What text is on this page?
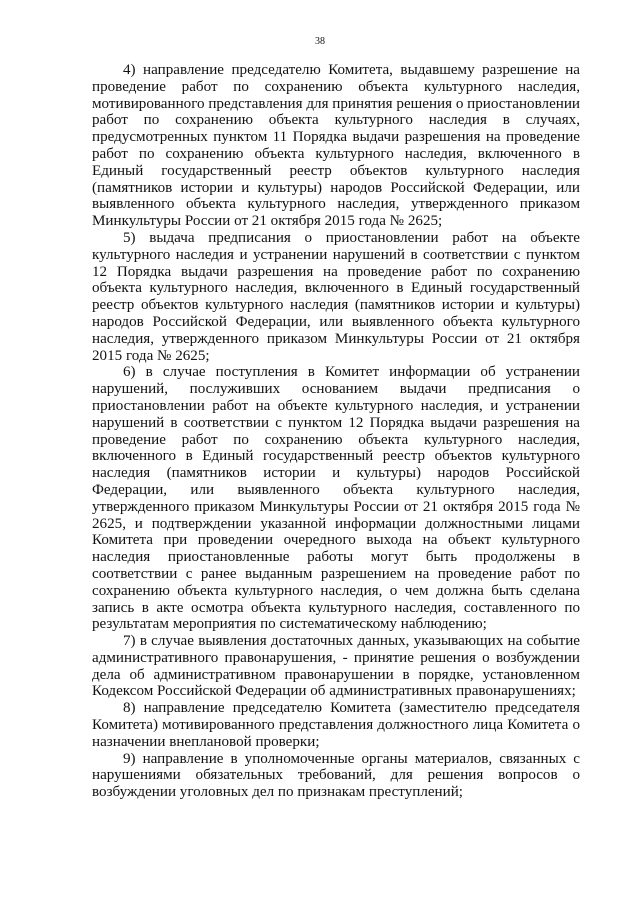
38

4) направление председателю Комитета, выдавшему разрешение на проведение работ по сохранению объекта культурного наследия, мотивированного представления для принятия решения о приостановлении работ по сохранению объекта культурного наследия в случаях, предусмотренных пунктом 11 Порядка выдачи разрешения на проведение работ по сохранению объекта культурного наследия, включенного в Единый государственный реестр объектов культурного наследия (памятников истории и культуры) народов Российской Федерации, или выявленного объекта культурного наследия, утвержденного приказом Минкультуры России от 21 октября 2015 года № 2625;

5) выдача предписания о приостановлении работ на объекте культурного наследия и устранении нарушений в соответствии с пунктом 12 Порядка выдачи разрешения на проведение работ по сохранению объекта культурного наследия, включенного в Единый государственный реестр объектов культурного наследия (памятников истории и культуры) народов Российской Федерации, или выявленного объекта культурного наследия, утвержденного приказом Минкультуры России от 21 октября 2015 года № 2625;

6) в случае поступления в Комитет информации об устранении нарушений, послуживших основанием выдачи предписания о приостановлении работ на объекте культурного наследия, и устранении нарушений в соответствии с пунктом 12 Порядка выдачи разрешения на проведение работ по сохранению объекта культурного наследия, включенного в Единый государственный реестр объектов культурного наследия (памятников истории и культуры) народов Российской Федерации, или выявленного объекта культурного наследия, утвержденного приказом Минкультуры России от 21 октября 2015 года № 2625, и подтверждении указанной информации должностными лицами Комитета при проведении очередного выхода на объект культурного наследия приостановленные работы могут быть продолжены в соответствии с ранее выданным разрешением на проведение работ по сохранению объекта культурного наследия, о чем должна быть сделана запись в акте осмотра объекта культурного наследия, составленного по результатам мероприятия по систематическому наблюдению;

7) в случае выявления достаточных данных, указывающих на событие административного правонарушения, - принятие решения о возбуждении дела об административном правонарушении в порядке, установленном Кодексом Российской Федерации об административных правонарушениях;

8) направление председателю Комитета (заместителю председателя Комитета) мотивированного представления должностного лица Комитета о назначении внеплановой проверки;

9) направление в уполномоченные органы материалов, связанных с нарушениями обязательных требований, для решения вопросов о возбуждении уголовных дел по признакам преступлений;
